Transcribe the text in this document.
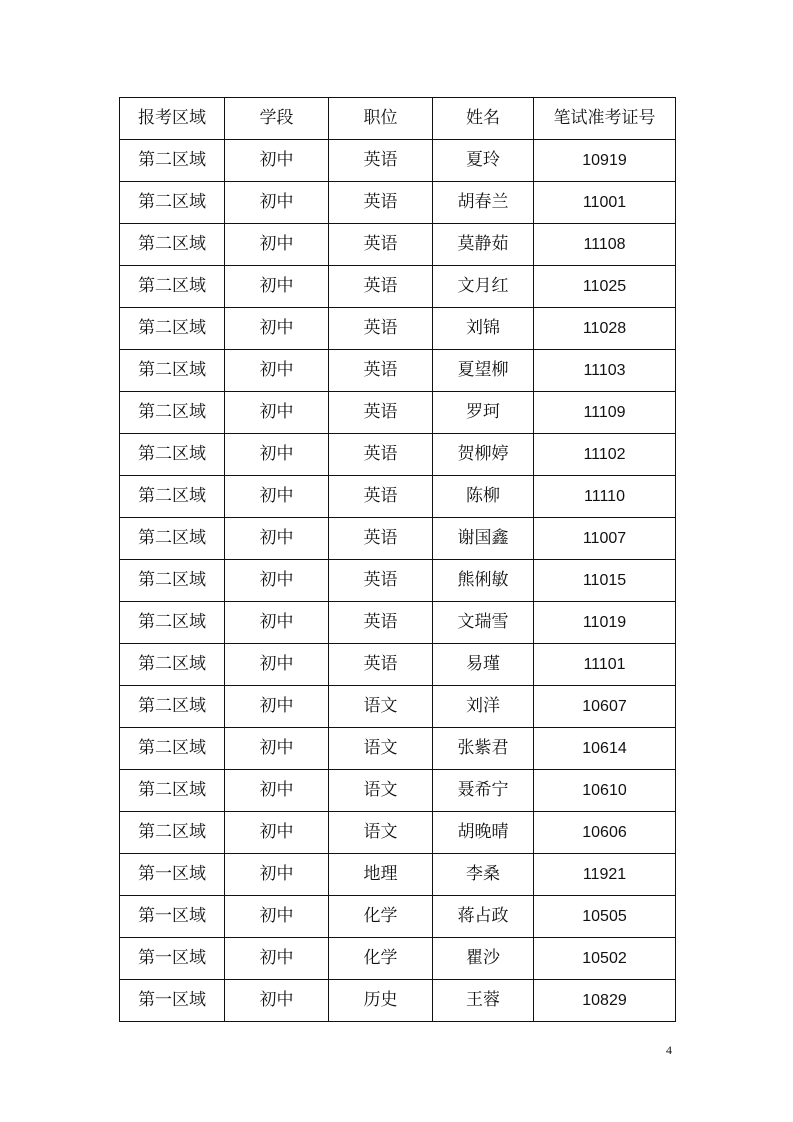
报考区域	学段	职位	姓名	笔试准考证号
第二区域	初中	英语	夏玲	10919
第二区域	初中	英语	胡春兰	11001
第二区域	初中	英语	莫静茹	11108
第二区域	初中	英语	文月红	11025
第二区域	初中	英语	刘锦	11028
第二区域	初中	英语	夏望柳	11103
第二区域	初中	英语	罗珂	11109
第二区域	初中	英语	贺柳婷	11102
第二区域	初中	英语	陈柳	11110
第二区域	初中	英语	谢国鑫	11007
第二区域	初中	英语	熊俐敏	11015
第二区域	初中	英语	文瑞雪	11019
第二区域	初中	英语	易瑾	11101
第二区域	初中	语文	刘洋	10607
第二区域	初中	语文	张紫君	10614
第二区域	初中	语文	聂希宁	10610
第二区域	初中	语文	胡晚晴	10606
第一区域	初中	地理	李桑	11921
第一区域	初中	化学	蒋占政	10505
第一区域	初中	化学	瞿沙	10502
第一区域	初中	历史	王蓉	10829
4
